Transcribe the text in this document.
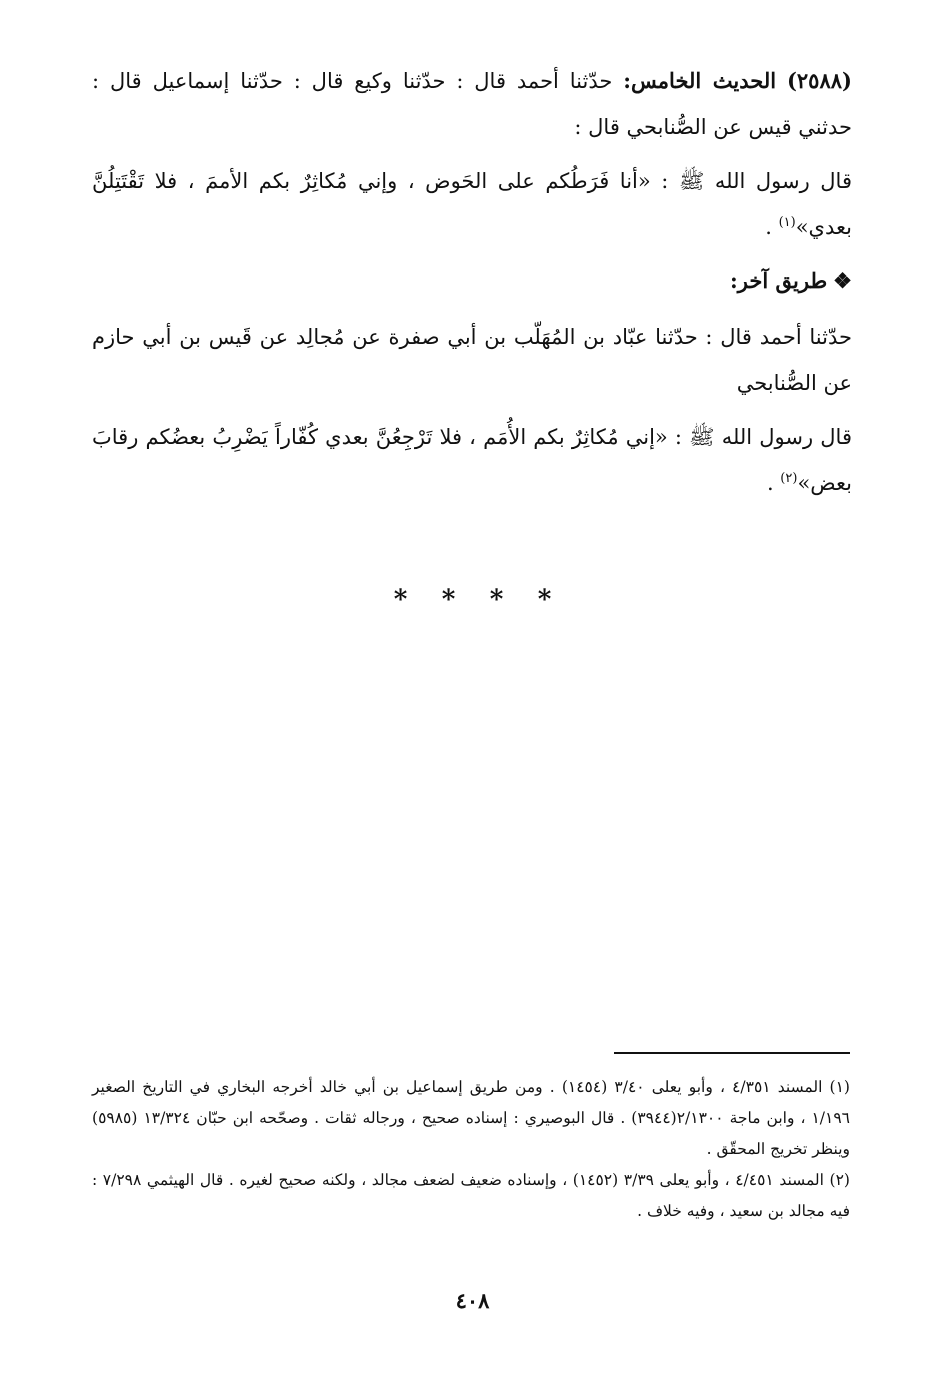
(٢٥٨٨) الحديث الخامس: حدّثنا أحمد قال : حدّثنا وكيع قال : حدّثنا إسماعيل قال : حدثني قيس عن الصُّنابحي قال :

قال رسول الله ﷺ : «أنا فَرَطُكم على الحَوض ، وإني مُكاثِرٌ بكم الأممَ ، فلا تَقْتَتِلُنَّ بعدي»$^{(١)}$ .

❖طريق آخر:

حدّثنا أحمد قال : حدّثنا عبّاد بن المُهَلّب بن أبي صفرة عن مُجالِد عن قَيس بن أبي حازم عن الصُّنابحي

قال رسول الله ﷺ : «إني مُكاثِرٌ بكم الأُمَم ، فلا تَرْجِعُنَّ بعدي كُفّاراً يَضْرِبُ بعضُكم رقابَ بعض»$^{(٢)}$ .

* * * *

(١) المسند ٤/٣٥١ ، وأبو يعلى ٣/٤٠ (١٤٥٤) . ومن طريق إسماعيل بن أبي خالد أخرجه البخاري في التاريخ الصغير ١/١٩٦ ، وابن ماجة ٢/١٣٠٠(٣٩٤٤) . قال البوصيري : إسناده صحيح ، ورجاله ثقات . وصحّحه ابن حبّان ١٣/٣٢٤ (٥٩٨٥) وينظر تخريج المحقّق .

(٢) المسند ٤/٤٥١ ، وأبو يعلى ٣/٣٩ (١٤٥٢) ، وإسناده ضعيف لضعف مجالد ، ولكنه صحيح لغيره . قال الهيثمي ٧/٢٩٨ : فيه مجالد بن سعيد ، وفيه خلاف .

٤٠٨
